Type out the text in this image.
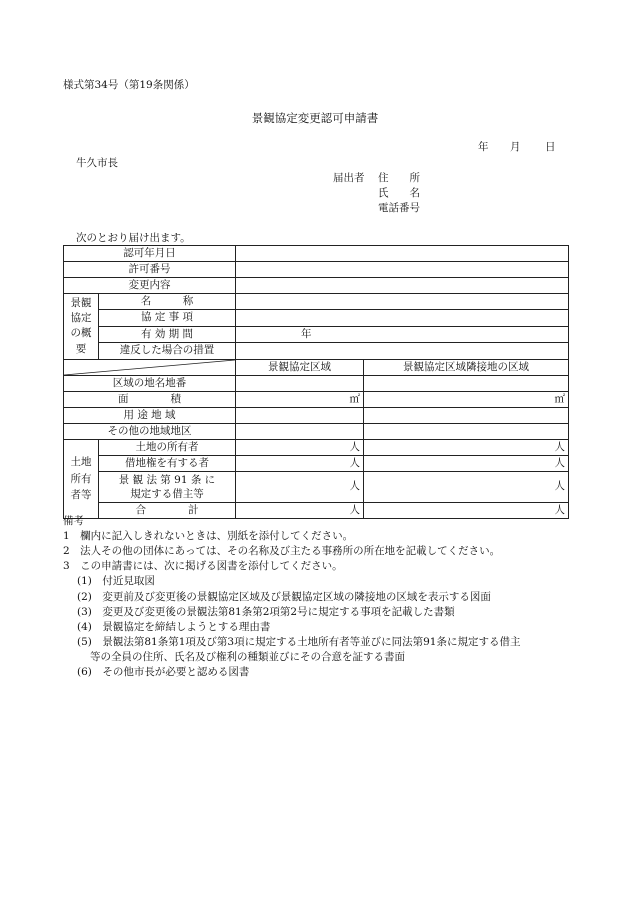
様式第34号（第19条関係）
景観協定変更認可申請書
年 月 日
牛久市長
届出者 住　　所
氏　　名
電話番号
次のとおり届け出ます。
認可年月日			
許可番号			
変更内容			
景観
協定
の概
要	名　　　称		
	協 定 事 項		
	有 効 期 間	年	
	違反した場合の措置		

	景観協定区域	景観協定区域隣接地の区域
区域の地名地番			
面　　　　積		㎡	㎡
用 途 地 域			
その他の地域地区			
土地
所有
者等	土地の所有者	人	人
	借地権を有する者	人	人
	景 観 法 第 91 条 に
規定する借主等	人	人
	合　　　　計	人	人
備考
1　欄内に記入しきれないときは、別紙を添付してください。
2　法人その他の団体にあっては、その名称及び主たる事務所の所在地を記載してください。
3　この申請書には、次に掲げる図書を添付してください。
(1)　付近見取図
(2)　変更前及び変更後の景観協定区域及び景観協定区域の隣接地の区域を表示する図面
(3)　変更及び変更後の景観法第81条第2項第2号に規定する事項を記載した書類
(4)　景観協定を締結しようとする理由書
(5)　景観法第81条第1項及び第3項に規定する土地所有者等並びに同法第91条に規定する借主
等の全員の住所、氏名及び権利の種類並びにその合意を証する書面
(6)　その他市長が必要と認める図書
